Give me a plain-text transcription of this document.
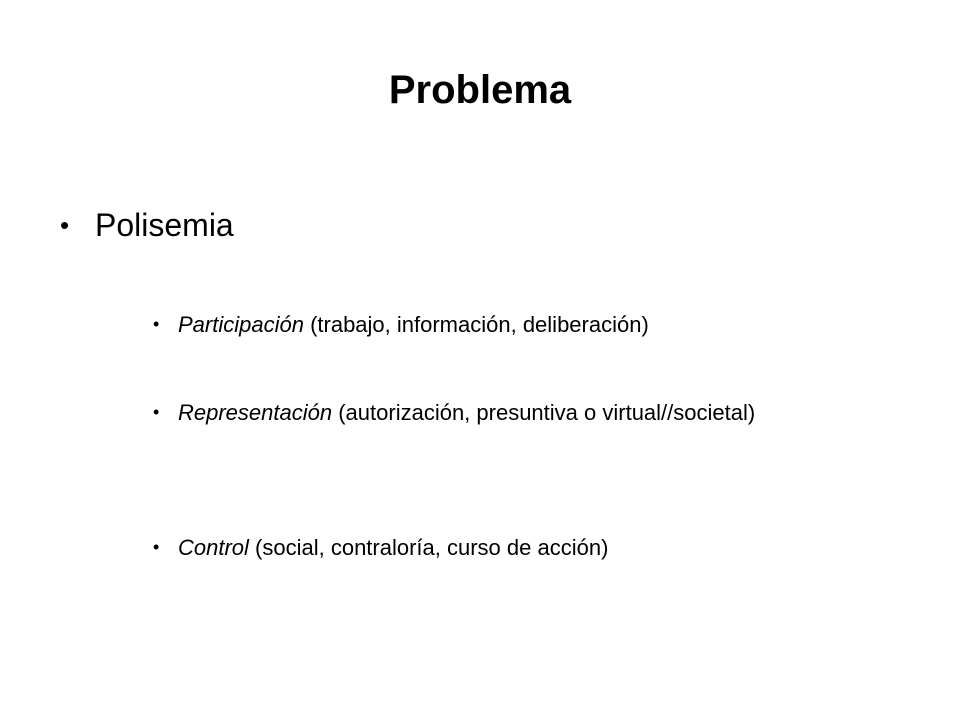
Problema
• Polisemia
• Participación (trabajo, información, deliberación)
• Representación (autorización, presuntiva o virtual//societal)
• Control (social, contraloría, curso de acción)
